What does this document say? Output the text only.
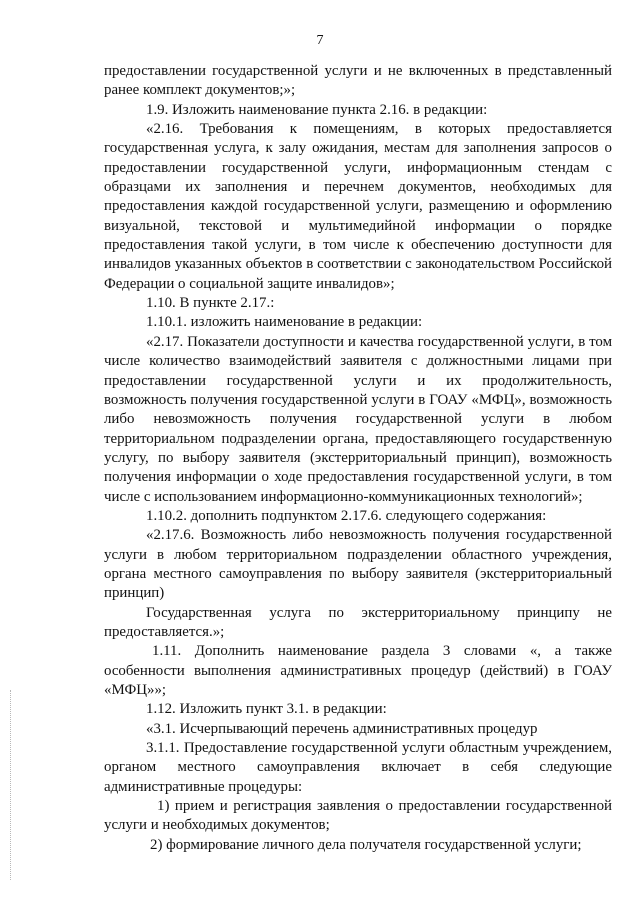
7

предоставлении государственной услуги и не включенных в представленный ранее комплект документов;»;

1.9. Изложить наименование пункта 2.16. в редакции:

«2.16. Требования к помещениям, в которых предоставляется государственная услуга, к залу ожидания, местам для заполнения запросов о предоставлении государственной услуги, информационным стендам с образцами их заполнения и перечнем документов, необходимых для предоставления каждой государственной услуги, размещению и оформлению визуальной, текстовой и мультимедийной информации о порядке предоставления такой услуги, в том числе к обеспечению доступности для инвалидов указанных объектов в соответствии с законодательством Российской Федерации о социальной защите инвалидов»;

1.10. В пункте 2.17.:

1.10.1. изложить наименование в редакции:

«2.17. Показатели доступности и качества государственной услуги, в том числе количество взаимодействий заявителя с должностными лицами при предоставлении государственной услуги и их продолжительность, возможность получения государственной услуги в ГОАУ «МФЦ», возможность либо невозможность получения государственной услуги в любом территориальном подразделении органа, предоставляющего государственную услугу, по выбору заявителя (экстерриториальный принцип), возможность получения информации о ходе предоставления государственной услуги, в том числе с использованием информационно-коммуникационных технологий»;

1.10.2. дополнить подпунктом 2.17.6. следующего содержания:

«2.17.6. Возможность либо невозможность получения государственной услуги в любом территориальном подразделении областного учреждения, органа местного самоуправления по выбору заявителя (экстерриториальный принцип)

Государственная услуга по экстерриториальному принципу не предоставляется.»;

1.11. Дополнить наименование раздела 3 словами «, а также особенности выполнения административных процедур (действий) в ГОАУ «МФЦ»»;

1.12. Изложить пункт 3.1. в редакции:

«3.1. Исчерпывающий перечень административных процедур

3.1.1. Предоставление государственной услуги областным учреждением, органом местного самоуправления включает в себя следующие административные процедуры:

1) прием и регистрация заявления о предоставлении государственной услуги и необходимых документов;

2) формирование личного дела получателя государственной услуги;
